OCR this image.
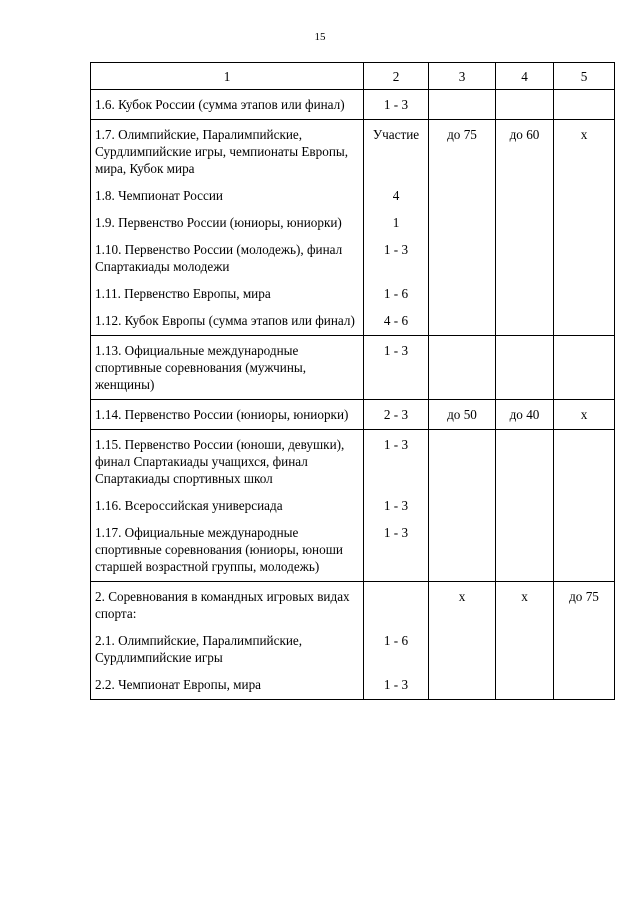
15
1	2	3	4	5
1.6. Кубок России (сумма этапов или финал)	1 - 3			
1.7. Олимпийские, Паралимпийские, Сурдлимпийские игры, чемпионаты Европы, мира, Кубок мира	Участие	до 75	до 60	х
1.8. Чемпионат России	4			
1.9. Первенство России (юниоры, юниорки)	1			
1.10. Первенство России (молодежь), финал Спартакиады молодежи	1 - 3			
1.11. Первенство Европы, мира	1 - 6			
1.12. Кубок Европы (сумма этапов или финал)	4 - 6			
1.13. Официальные международные спортивные соревнования (мужчины, женщины)	1 - 3			
1.14. Первенство России (юниоры, юниорки)	2 - 3	до 50	до 40	х
1.15. Первенство России (юноши, девушки), финал Спартакиады учащихся, финал Спартакиады спортивных школ	1 - 3			
1.16. Всероссийская универсиада	1 - 3			
1.17. Официальные международные спортивные соревнования (юниоры, юноши старшей возрастной группы, молодежь)	1 - 3			
2. Соревнования в командных игровых видах спорта:		х	х	до 75
2.1. Олимпийские, Паралимпийские, Сурдлимпийские игры	1 - 6			
2.2. Чемпионат Европы, мира	1 - 3			
